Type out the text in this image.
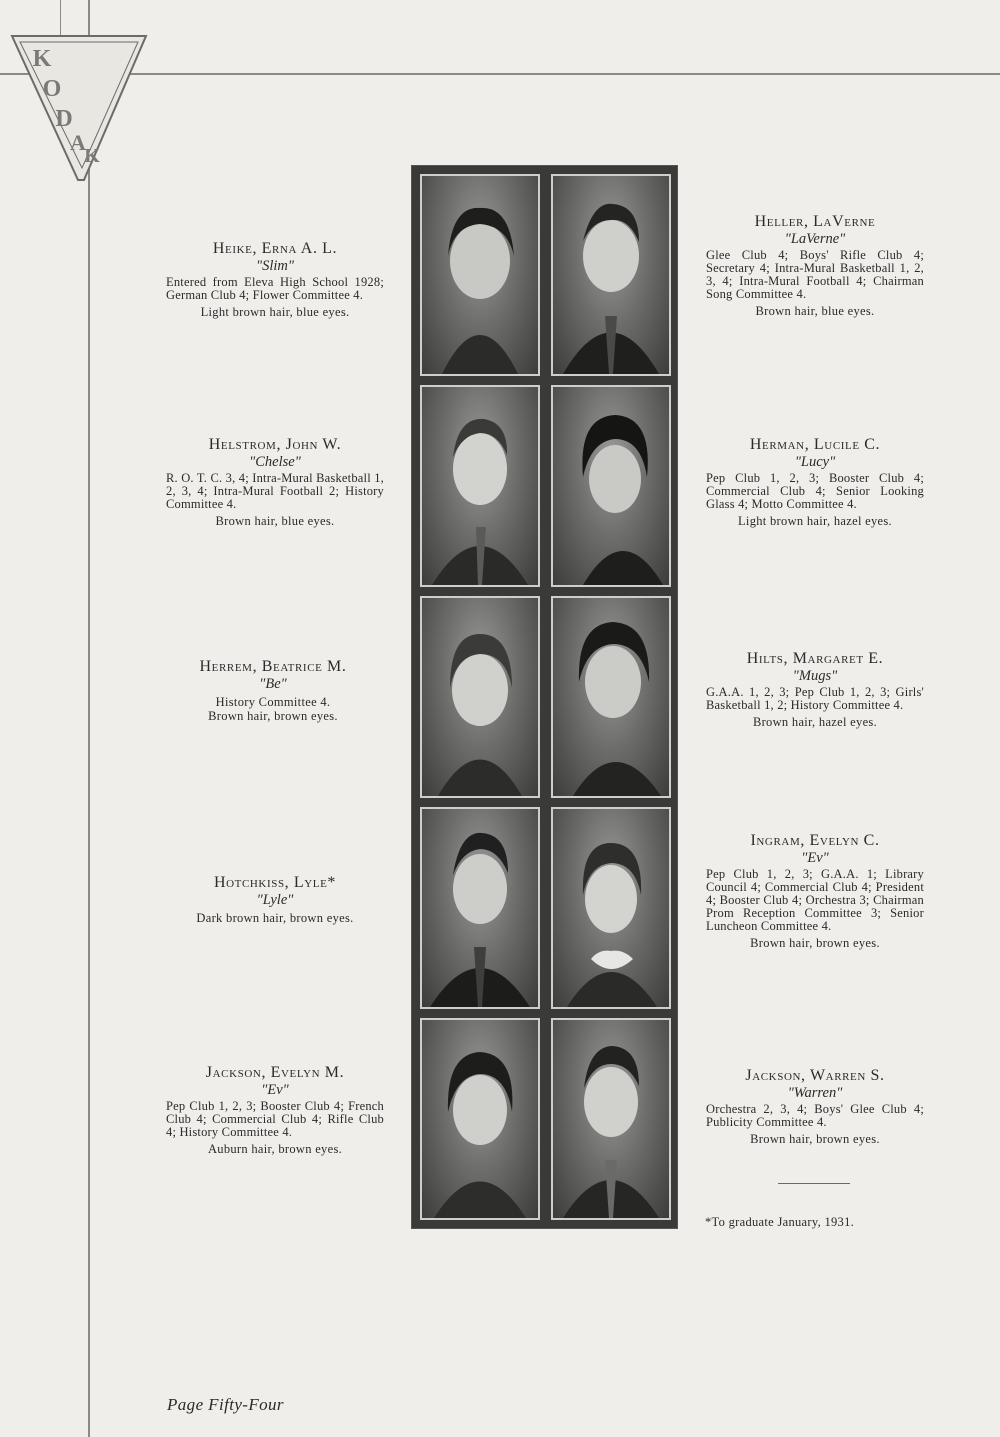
K
O
D
A
K
Heike, Erna A. L.
"Slim"
Entered from Eleva High School 1928; German Club 4; Flower Committee 4.
Light brown hair, blue eyes.
Helstrom, John W.
"Chelse"
R. O. T. C. 3, 4; Intra-Mural Basketball 1, 2, 3, 4; Intra-Mural Football 2; History Committee 4.
Brown hair, blue eyes.
Herrem, Beatrice M.
"Be"
History Committee 4.
Brown hair, brown eyes.
Hotchkiss, Lyle*
"Lyle"
Dark brown hair, brown eyes.
Jackson, Evelyn M.
"Ev"
Pep Club 1, 2, 3; Booster Club 4; French Club 4; Commercial Club 4; Rifle Club 4; History Committee 4.
Auburn hair, brown eyes.
Heller, LaVerne
"LaVerne"
Glee Club 4; Boys' Rifle Club 4; Secretary 4; Intra-Mural Basketball 1, 2, 3, 4; Intra-Mural Football 4; Chairman Song Committee 4.
Brown hair, blue eyes.
Herman, Lucile C.
"Lucy"
Pep Club 1, 2, 3; Booster Club 4; Commercial Club 4; Senior Looking Glass 4; Motto Committee 4.
Light brown hair, hazel eyes.
Hilts, Margaret E.
"Mugs"
G.A.A. 1, 2, 3; Pep Club 1, 2, 3; Girls' Basketball 1, 2; History Committee 4.
Brown hair, hazel eyes.
Ingram, Evelyn C.
"Ev"
Pep Club 1, 2, 3; G.A.A. 1; Library Council 4; Commercial Club 4; President 4; Booster Club 4; Orchestra 3; Chairman Prom Reception Committee 3; Senior Luncheon Committee 4.
Brown hair, brown eyes.
Jackson, Warren S.
"Warren"
Orchestra 2, 3, 4; Boys' Glee Club 4; Publicity Committee 4.
Brown hair, brown eyes.
*To graduate January, 1931.
Page Fifty-Four
